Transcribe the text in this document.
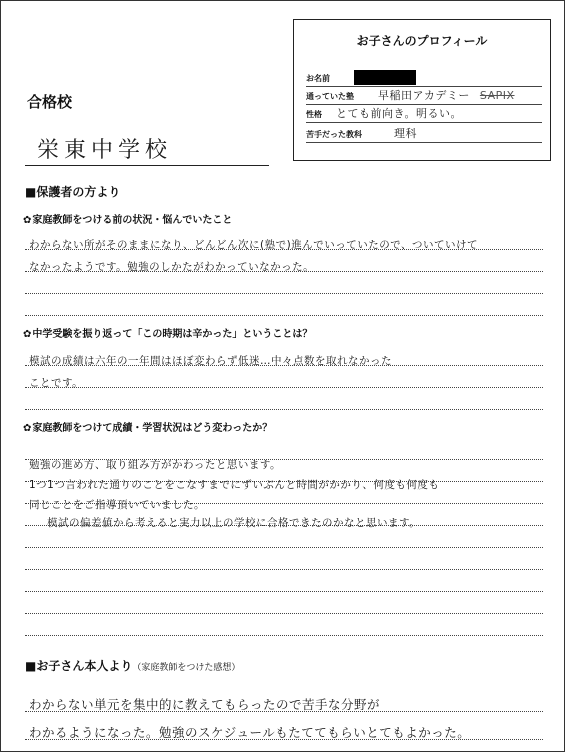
お子さんのプロフィール
お名前
通っていた塾 早稲田アカデミー SAPIX
性格 とても前向き。明るい。
苦手だった教科	理科
合格校
栄東中学校
■保護者の方より
✿家庭教師をつける前の状況・悩んでいたこと
わからない所がそのままになり、どんどん次に(塾で)進んでいっていたので、ついていけて
なかったようです。勉強のしかたがわかっていなかった。
✿中学受験を振り返って「この時期は辛かった」ということは？
模試の成績は六年の一年間はほぼ変わらず低迷…中々点数を取れなかった
ことです。
✿家庭教師をつけて成績・学習状況はどう変わったか？
勉強の進め方、取り組み方がかわったと思います。
1つ1つ言われた通りのことをこなすまでにずいぶんと時間がかかり、何度も何度も
同じことをご指導頂いていました。
模試の偏差値から考えると実力以上の学校に合格できたのかなと思います。
■お子さん本人より（家庭教師をつけた感想）
わからない単元を集中的に教えてもらったので苦手な分野が
わかるようになった。勉強のスケジュールもたててもらいとてもよかった。
